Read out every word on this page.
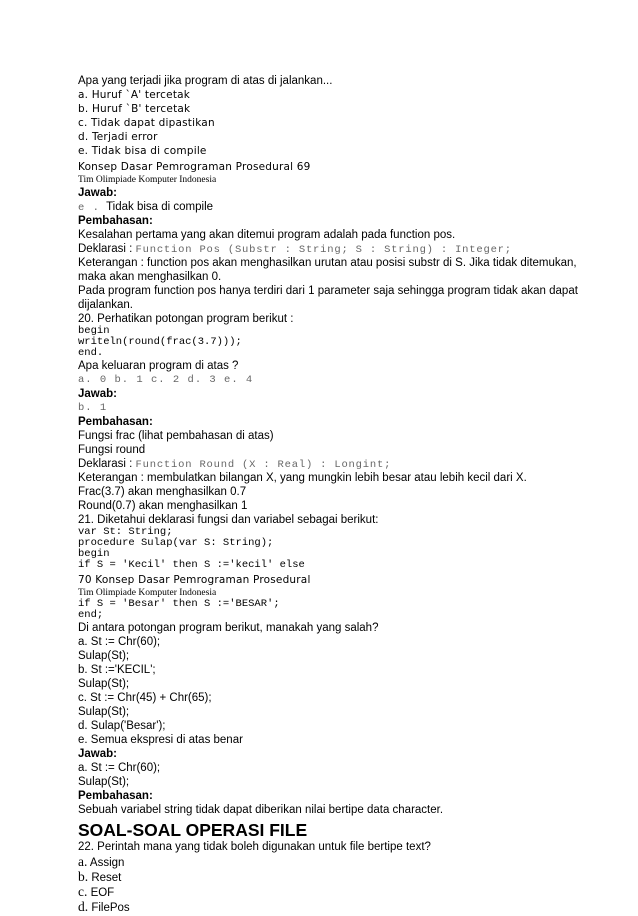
Apa yang terjadi jika program di atas di jalankan...
a. Huruf `A' tercetak
b. Huruf `B' tercetak
c. Tidak dapat dipastikan
d. Terjadi error
e. Tidak bisa di compile
Konsep Dasar Pemrograman Prosedural 69
Tim Olimpiade Komputer Indonesia
Jawab:
e .  Tidak bisa di compile
Pembahasan:
Kesalahan pertama yang akan ditemui program adalah pada function pos.
Deklarasi : Function Pos (Substr : String; S : String) : Integer;
Keterangan : function pos akan menghasilkan urutan atau posisi substr di S. Jika tidak ditemukan,
maka akan menghasilkan 0.
Pada program function pos hanya terdiri dari 1 parameter saja sehingga program tidak akan dapat
dijalankan.
20. Perhatikan potongan program berikut :
begin
writeln(round(frac(3.7)));
end.
Apa keluaran program di atas ?
a. 0 b. 1 c. 2 d. 3 e. 4
Jawab:
b. 1
Pembahasan:
Fungsi frac (lihat pembahasan di atas)
Fungsi round
Deklarasi : Function Round (X : Real) : Longint;
Keterangan : membulatkan bilangan X, yang mungkin lebih besar atau lebih kecil dari X.
Frac(3.7) akan menghasilkan 0.7
Round(0.7) akan menghasilkan 1
21. Diketahui deklarasi fungsi dan variabel sebagai berikut:
var St: String;
procedure Sulap(var S: String);
begin
if S = 'Kecil' then S :='kecil' else
70 Konsep Dasar Pemrograman Prosedural
Tim Olimpiade Komputer Indonesia
if S = 'Besar' then S :='BESAR';
end;
Di antara potongan program berikut, manakah yang salah?
a. St := Chr(60);
Sulap(St);
b. St :='KECIL';
Sulap(St);
c. St := Chr(45) + Chr(65);
Sulap(St);
d. Sulap('Besar');
e. Semua ekspresi di atas benar
Jawab:
a. St := Chr(60);
Sulap(St);
Pembahasan:
Sebuah variabel string tidak dapat diberikan nilai bertipe data character.
SOAL-SOAL OPERASI FILE
22. Perintah mana yang tidak boleh digunakan untuk file bertipe text?
a. Assign
b. Reset
c. EOF
d. FilePos
